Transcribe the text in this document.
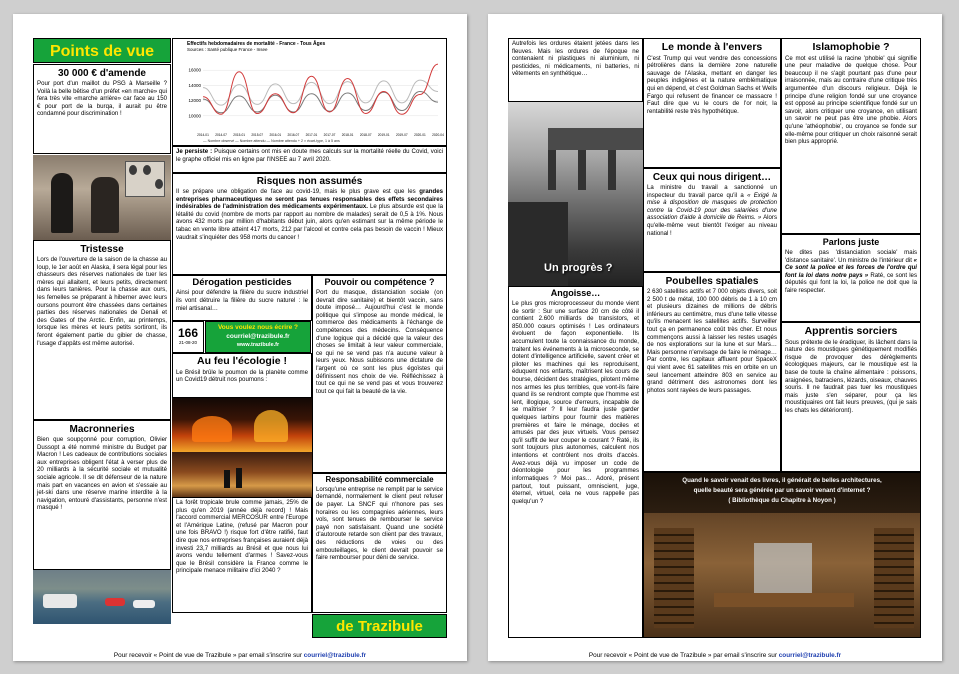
Points de vue
30 000 € d'amende
Pour port d'un maillot du PSG à Marseille ? Voilà la belle bêtise d'un préfet «en marche» qui fera très vite «marche arrière» car face au 150 € pour port de la burqa, il aurait pu être condamné pour discrimination !
Effectifs hebdomadaires de mortalité - France - Tous Âges
Sources : Santé publique France - Insee
10000
12000
14000
16000
2014-01 2014-07 2015-01 2015-07 2016-01 2016-07 2017-01 2017-07 2018-01 2018-07 2019-01 2019-07 2020-01 2020-04
— Nombre observé — Nombre attendu — Nombre attendu + 2 × écart-type, 1 à 5 ans
Je persiste : Puisque certains ont mis en doute mes calculs sur la mortalité réelle du Covid, voici le graphe officiel mis en ligne par l'INSEE au 7 avril 2020.
Risques non assumés
Il se prépare une obligation de face au covid-19, mais le plus grave est que les grandes entreprises pharmaceutiques ne seront pas tenues responsables des effets secondaires indésirables de l'administration des médicaments expérimentaux. Le plus absurde est que la létalité du covid (nombre de morts par rapport au nombre de malades) serait de 0,5 à 1%. Nous avons 432 morts par million d'habitants début juin, alors qu'en estimant sur la même période le tabac en vente libre atteint 417 morts, 212 par l'alcool et contre cela pas besoin de vaccin ! Mieux vaudrait s'inquiéter des 958 morts du cancer !
Tristesse
Lors de l'ouverture de la saison de la chasse au loup, le 1er août en Alaska, il sera légal pour les chasseurs des réserves nationales de tuer les mères qui allaitent, et leurs petits, directement dans leurs tanières. Pour la chasse aux ours, les femelles se préparant à hiberner avec leurs oursons pourront être chassées dans certaines parties des réserves nationales de Denali et des Gates of the Arctic. Enfin, au printemps, lorsque les mères et leurs petits sortiront, ils feront également partie du gibier de chasse, l'usage d'appâts est même autorisé.
Dérogation pesticides
Ainsi pour défendre la filière du sucre industriel ils vont détruire la filière du sucre naturel : le miel artisanal…
Pouvoir ou compétence ?
Port du masque, distanciation sociale (on devrait dire sanitaire) et bientôt vaccin, sans doute imposé… Aujourd'hui c'est le monde politique qui s'impose au monde médical, le commerce des médicaments à l'échange de compétences des médecins. Conséquence d'une logique qui a décidé que la valeur des choses se limitait à leur valeur commerciale, ce qui ne se vend pas n'a aucune valeur à leurs yeux. Nous subissons une dictature de l'argent où ce sont les plus égoïstes qui définissent nos choix de vie. Réfléchissez à tout ce qui ne se vend pas et vous trouverez tout ce qui fait la beauté de la vie.
166
21-08-20
Vous voulez nous écrire ?
courriel@trazibule.fr
www.trazibule.fr
Au feu l'écologie !
Le Brésil brûle le poumon de la planète comme un Covid19 détruit nos poumons :
La forêt tropicale brule comme jamais, 25% de plus qu'en 2019 (année déjà record) ! Mais l'accord commercial MERCOSUR entre l'Europe et l'Amérique Latine, (refusé par Macron pour une fois BRAVO !) risque fort d'être ratifié, faut dire que nos entreprises françaises auraient déjà investi 23,7 milliards au Brésil et que nous lui avons vendu tellement d'armes ! Savez-vous que le Brésil considère la France comme le principale menace militaire d'ici 2040 ?
Macronneries
Bien que soupçonné pour corruption, Olivier Dussopt a été nommé ministre du Budget par Macron ! Les cadeaux de contributions sociales aux entreprises obligent l'état à verser plus de 20 milliards à la sécurité sociale et mutualité sociale agricole. Il se dit défenseur de la nature mais part en vacances en avion et s'essaie au jet-ski dans une réserve marine interdite à la navigation, entouré d'assistants, personne n'est masqué !
Responsabilité commerciale
Lorsqu'une entreprise ne remplit par le service demandé, normalement le client peut refuser de payer. La SNCF qui n'honore pas ses horaires ou les compagnies aériennes, leurs vols, sont tenues de rembourser le service payé non satisfaisant. Quand une société d'autoroute retarde son client par des travaux, des réductions de voies ou des embouteillages, le client devrait pouvoir se faire rembourser pour déni de service.
de Trazibule
Pour recevoir « Point de vue de Trazibule » par email s'inscrire sur courriel@trazibule.fr
Autrefois les ordures étaient jetées dans les fleuves. Mais les ordures de l'époque ne contenaient ni plastiques ni aluminium, ni pesticides, ni médicaments, ni batteries, ni vêtements en synthétique…
Le monde à l'envers
C'est Trump qui veut vendre des concessions pétrolières dans la dernière zone naturelle sauvage de l'Alaska, mettant en danger les peuples indigènes et la nature emblématique qui en dépend, et c'est Goldman Sachs et Wells Fargo qui refusent de financer ce massacre ! Faut dire que vu le cours de l'or noir, la rentabilité reste très hypothétique.
Islamophobie ?
Ce mot est utilisé la racine 'phobie' qui signifie une peur maladive de quelque chose. Pour beaucoup il ne s'agit pourtant pas d'une peur irraisonnée, mais au contraire d'une critique très argumentée d'un discours religieux. Déjà le principe d'une religion fondé sur une croyance est opposé au principe scientifique fondé sur un savoir, alors critiquer une croyance, en utilisant un savoir ne peut pas être une phobie. Alors qu'une 'athéophobie', ou croyance se fonde sur elle-même pour critiquer un choix raisonné serait bien plus approprié.
Un progrès ?
Ceux qui nous dirigent…
La ministre du travail a sanctionné un inspecteur du travail parce qu'il a « Exigé la mise à disposition de masques de protection contre la Covid-19 pour des salariées d'une association d'aide à domicile de Reims. » Alors qu'elle-même veut bientôt l'exiger au niveau national !
Parlons juste
Ne dites pas 'distanciation sociale' mais 'distance sanitaire'. Un ministre de l'intérieur dit « Ce sont la police et les forces de l'ordre qui font la loi dans notre pays » Raté, ce sont les députés qui font la loi, la police ne doit que la faire respecter.
Poubelles spatiales
2 630 satellites actifs et 7 000 objets divers, soit 2 500 t de métal, 100 000 débris de 1 à 10 cm et plusieurs dizaines de millions de débris inférieurs au centimètre, mus d'une telle vitesse qu'ils menacent les satellites actifs. Surveiller tout ça en permanence coût très cher. Et nous commençons aussi à laisser les restes usagés de nos explorations sur la lune et sur Mars… Mais personne n'envisage de faire le ménage… Par contre, les capitaux affluent pour SpaceX qui vient avec 61 satellites mis en orbite en un seul lancement atteindre 803 en service au grand détriment des astronomes dont les photos sont rayées de leurs passages.
Angoisse…
Le plus gros microprocesseur du monde vient de sortir : Sur une surface 20 cm de côté il contient 2.600 milliards de transistors, et 850.000 cœurs optimisés ! Les ordinateurs évoluent de façon exponentielle. Ils accumulent toute la connaissance du monde, traitent les événements à la microseconde, se dotent d'intelligence artificielle, savent créer et piloter les machines qui les reproduisent, éduquent nos enfants, maîtrisent les cours de bourse, décident des stratégies, pilotent même nos armes les plus terribles, que vont-ils faire quand ils se rendront compte que l'homme est lent, illogique, source d'erreurs, incapable de se maîtriser ? Il leur faudra juste garder quelques larbins pour fournir des matières premières et faire le ménage, dociles et amusés par des jeux virtuels. Vous pensez qu'il suffit de leur couper le courant ? Raté, ils sont toujours plus autonomes, calculent nos intentions et contrôlent nos droits d'accès. Avez-vous déjà vu imposer un code de déontologie pour les programmes informatiques ? Moi pas… Adoré, présent partout, tout puissant, omniscient, juge, éternel, virtuel, cela ne vous rappelle pas quelqu'un ?
Apprentis sorciers
Sous prétexte de le éradiquer, ils lâchent dans la nature des moustiques génétiquement modifiés risque de provoquer des dérèglements écologiques majeurs, car le moustique est la base de toute la chaîne alimentaire : poissons, araignées, batraciens, lézards, oiseaux, chauves souris. Il ne faudrait pas tuer les moustiques mais juste s'en séparer, pour ça les moustiquaires ont fait leurs preuves, (qui je sais les chats les détérioront).
Quand le savoir venait des livres, il générait de belles architectures,
quelle beauté sera générée par un savoir venant d'internet ?
( Bibliothèque du Chapitre à Noyon )
Pour recevoir « Point de vue de Trazibule » par email s'inscrire sur courriel@trazibule.fr
